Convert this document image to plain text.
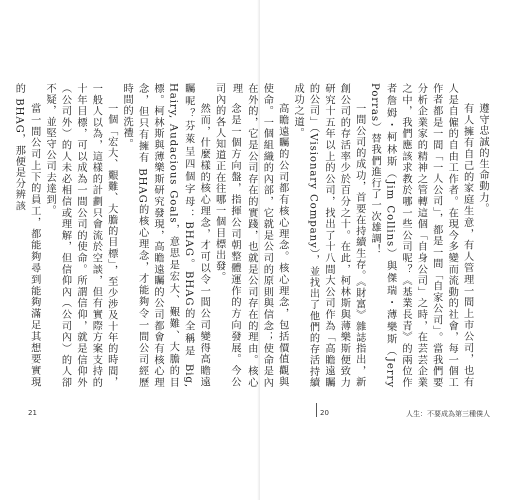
念是一個方向盤，指揮公司朝整體運作的方向發展。今公司內的各人知道正在往哪一個目標出發。

然而，什麼樣的核心理念，才可以令一間公司變得高瞻遠矚呢？芬萊呈四個字母：BHAG。BHAG的全稱是 Big, Hairy, Audacious Goals，意思是宏大、艱難、大膽的目標。柯林斯與薄樂斯研究發現，高瞻遠矚的公司都會有核心理念，但只有擁有 BHAG的核心理念，才能夠令一間公司經歷時間的洗禮。

一個「宏大、艱難、大膽的目標」，至少涉及十年的時間，一般人以為，這樣的計劃只會流於空談，但有實際方案支持的十年目標，可以成為一間公司的使命。所謂信仰，就是信仰外（公司外）的人未必相信或理解，但信仰內（公司內）的人卻不疑，並堅守公司去達到。

當一間公司上下的員工，都能夠尋到能夠滿足其想要實現的 BHAG，那便是分辨該

21	20

遵守忠誠的生命動力。

有人擁有自己的家庭生意，有人管理一間上市公司，也有人是自僱的自由工作者。在現今多變而流動的社會，每一個工作者都是一間「一人公司」，都是一間「自家公司」。當我們要分析企業家的精神之管轉這個「自身公司」之時，在芸芸企業之中，我們應該求教於哪一些公司呢？《基業長青》的兩位作者詹姆・柯林斯（Jim Collins）與傑瑞・薄樂斯（Jerry Porras）替我們進行了一次雄調！

一間公司的成功，首要在持續生存。《財富》雜誌指出，新創公司的存活率少於百分之十。在此，柯林斯與薄樂斯便致力研究十五年以上的公司，找出了十八間大公司作為「高瞻遠矚的公司」（Visionary Company），並找出了他們的存活持續成功之道。

高瞻遠矚的公司都有核心理念。核心理念，包括價值觀與使命。一個組織的內部，它就是公司的原則與信念；使命是內在外的，它是公司存在的實踐，也就是公司存在的理由。核心理

人生：不要成為第三種僕人
